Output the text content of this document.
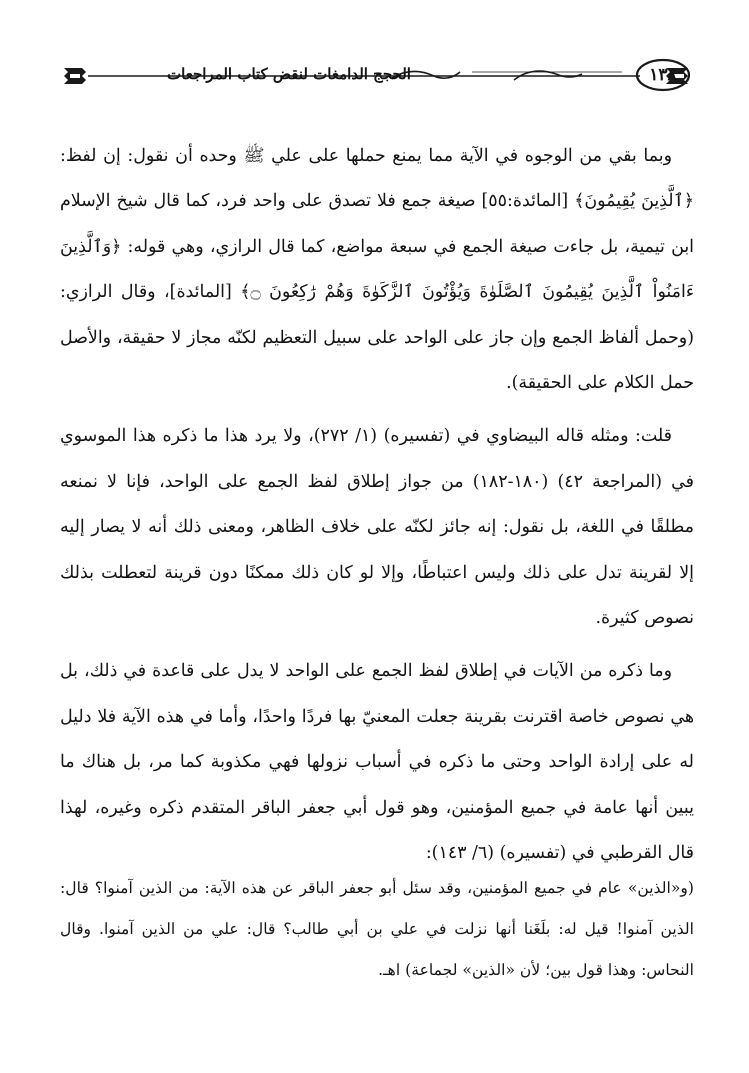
١٣٨
الحجج الدامغات لنقض كتاب المراجعات

وبما بقي من الوجوه في الآية مما يمنع حملها على علي ﷺ وحده أن نقول: إن لفظ: ﴿ٱلَّذِينَ يُقِيمُونَ﴾ [المائدة:٥٥] صيغة جمع فلا تصدق على واحد فرد، كما قال شيخ الإسلام ابن تيمية، بل جاءت صيغة الجمع في سبعة مواضع، كما قال الرازي، وهي قوله: ﴿وَٱلَّذِينَ ءَامَنُواْ ٱلَّذِينَ يُقِيمُونَ ٱلصَّلَوٰةَ وَيُؤْتُونَ ٱلزَّكَوٰةَ وَهُمْ رَٰكِعُونَ ۝﴾ [المائدة]، وقال الرازي: (وحمل ألفاظ الجمع وإن جاز على الواحد على سبيل التعظيم لكنّه مجاز لا حقيقة، والأصل حمل الكلام على الحقيقة).

قلت: ومثله قاله البيضاوي في (تفسيره) (١/ ٢٧٢)، ولا يرد هذا ما ذكره هذا الموسوي في (المراجعة ٤٢) (١٨٠-١٨٢) من جواز إطلاق لفظ الجمع على الواحد، فإنا لا نمنعه مطلقًا في اللغة، بل نقول: إنه جائز لكنّه على خلاف الظاهر، ومعنى ذلك أنه لا يصار إليه إلا لقرينة تدل على ذلك وليس اعتباطًا، وإلا لو كان ذلك ممكنًا دون قرينة لتعطلت بذلك نصوص كثيرة.

وما ذكره من الآيات في إطلاق لفظ الجمع على الواحد لا يدل على قاعدة في ذلك، بل هي نصوص خاصة اقترنت بقرينة جعلت المعنيّ بها فردًا واحدًا، وأما في هذه الآية فلا دليل له على إرادة الواحد وحتى ما ذكره في أسباب نزولها فهي مكذوبة كما مر، بل هناك ما يبين أنها عامة في جميع المؤمنين، وهو قول أبي جعفر الباقر المتقدم ذكره وغيره، لهذا قال القرطبي في (تفسيره) (٦/ ١٤٣):

(و«الذين» عام في جميع المؤمنين، وقد سئل أبو جعفر الباقر عن هذه الآية: من الذين آمنوا؟ قال: الذين آمنوا! قيل له: بلَغَنا أنها نزلت في علي بن أبي طالب؟ قال: علي من الذين آمنوا. وقال النحاس: وهذا قول بين؛ لأن «الذين» لجماعة) اهـ.
